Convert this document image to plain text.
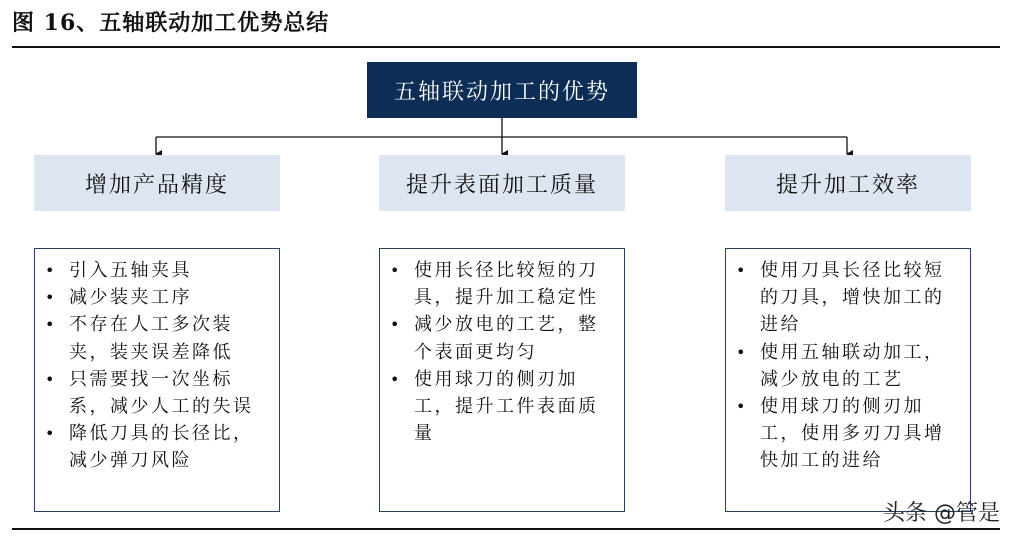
图 16、五轴联动加工优势总结
五轴联动加工的优势
增加产品精度	提升表面加工质量	提升加工效率
• 引入五轴夹具
• 减少装夹工序
• 不存在人工多次装夹，装夹误差降低
• 只需要找一次坐标系，减少人工的失误
• 降低刀具的长径比，减少弹刀风险
• 使用长径比较短的刀具，提升加工稳定性
• 减少放电的工艺，整个表面更均匀
• 使用球刀的侧刃加工，提升工件表面质量
• 使用刀具长径比较短的刀具，增快加工的进给
• 使用五轴联动加工，减少放电的工艺
• 使用球刀的侧刃加工，使用多刃刀具增快加工的进给
头条 @管是
